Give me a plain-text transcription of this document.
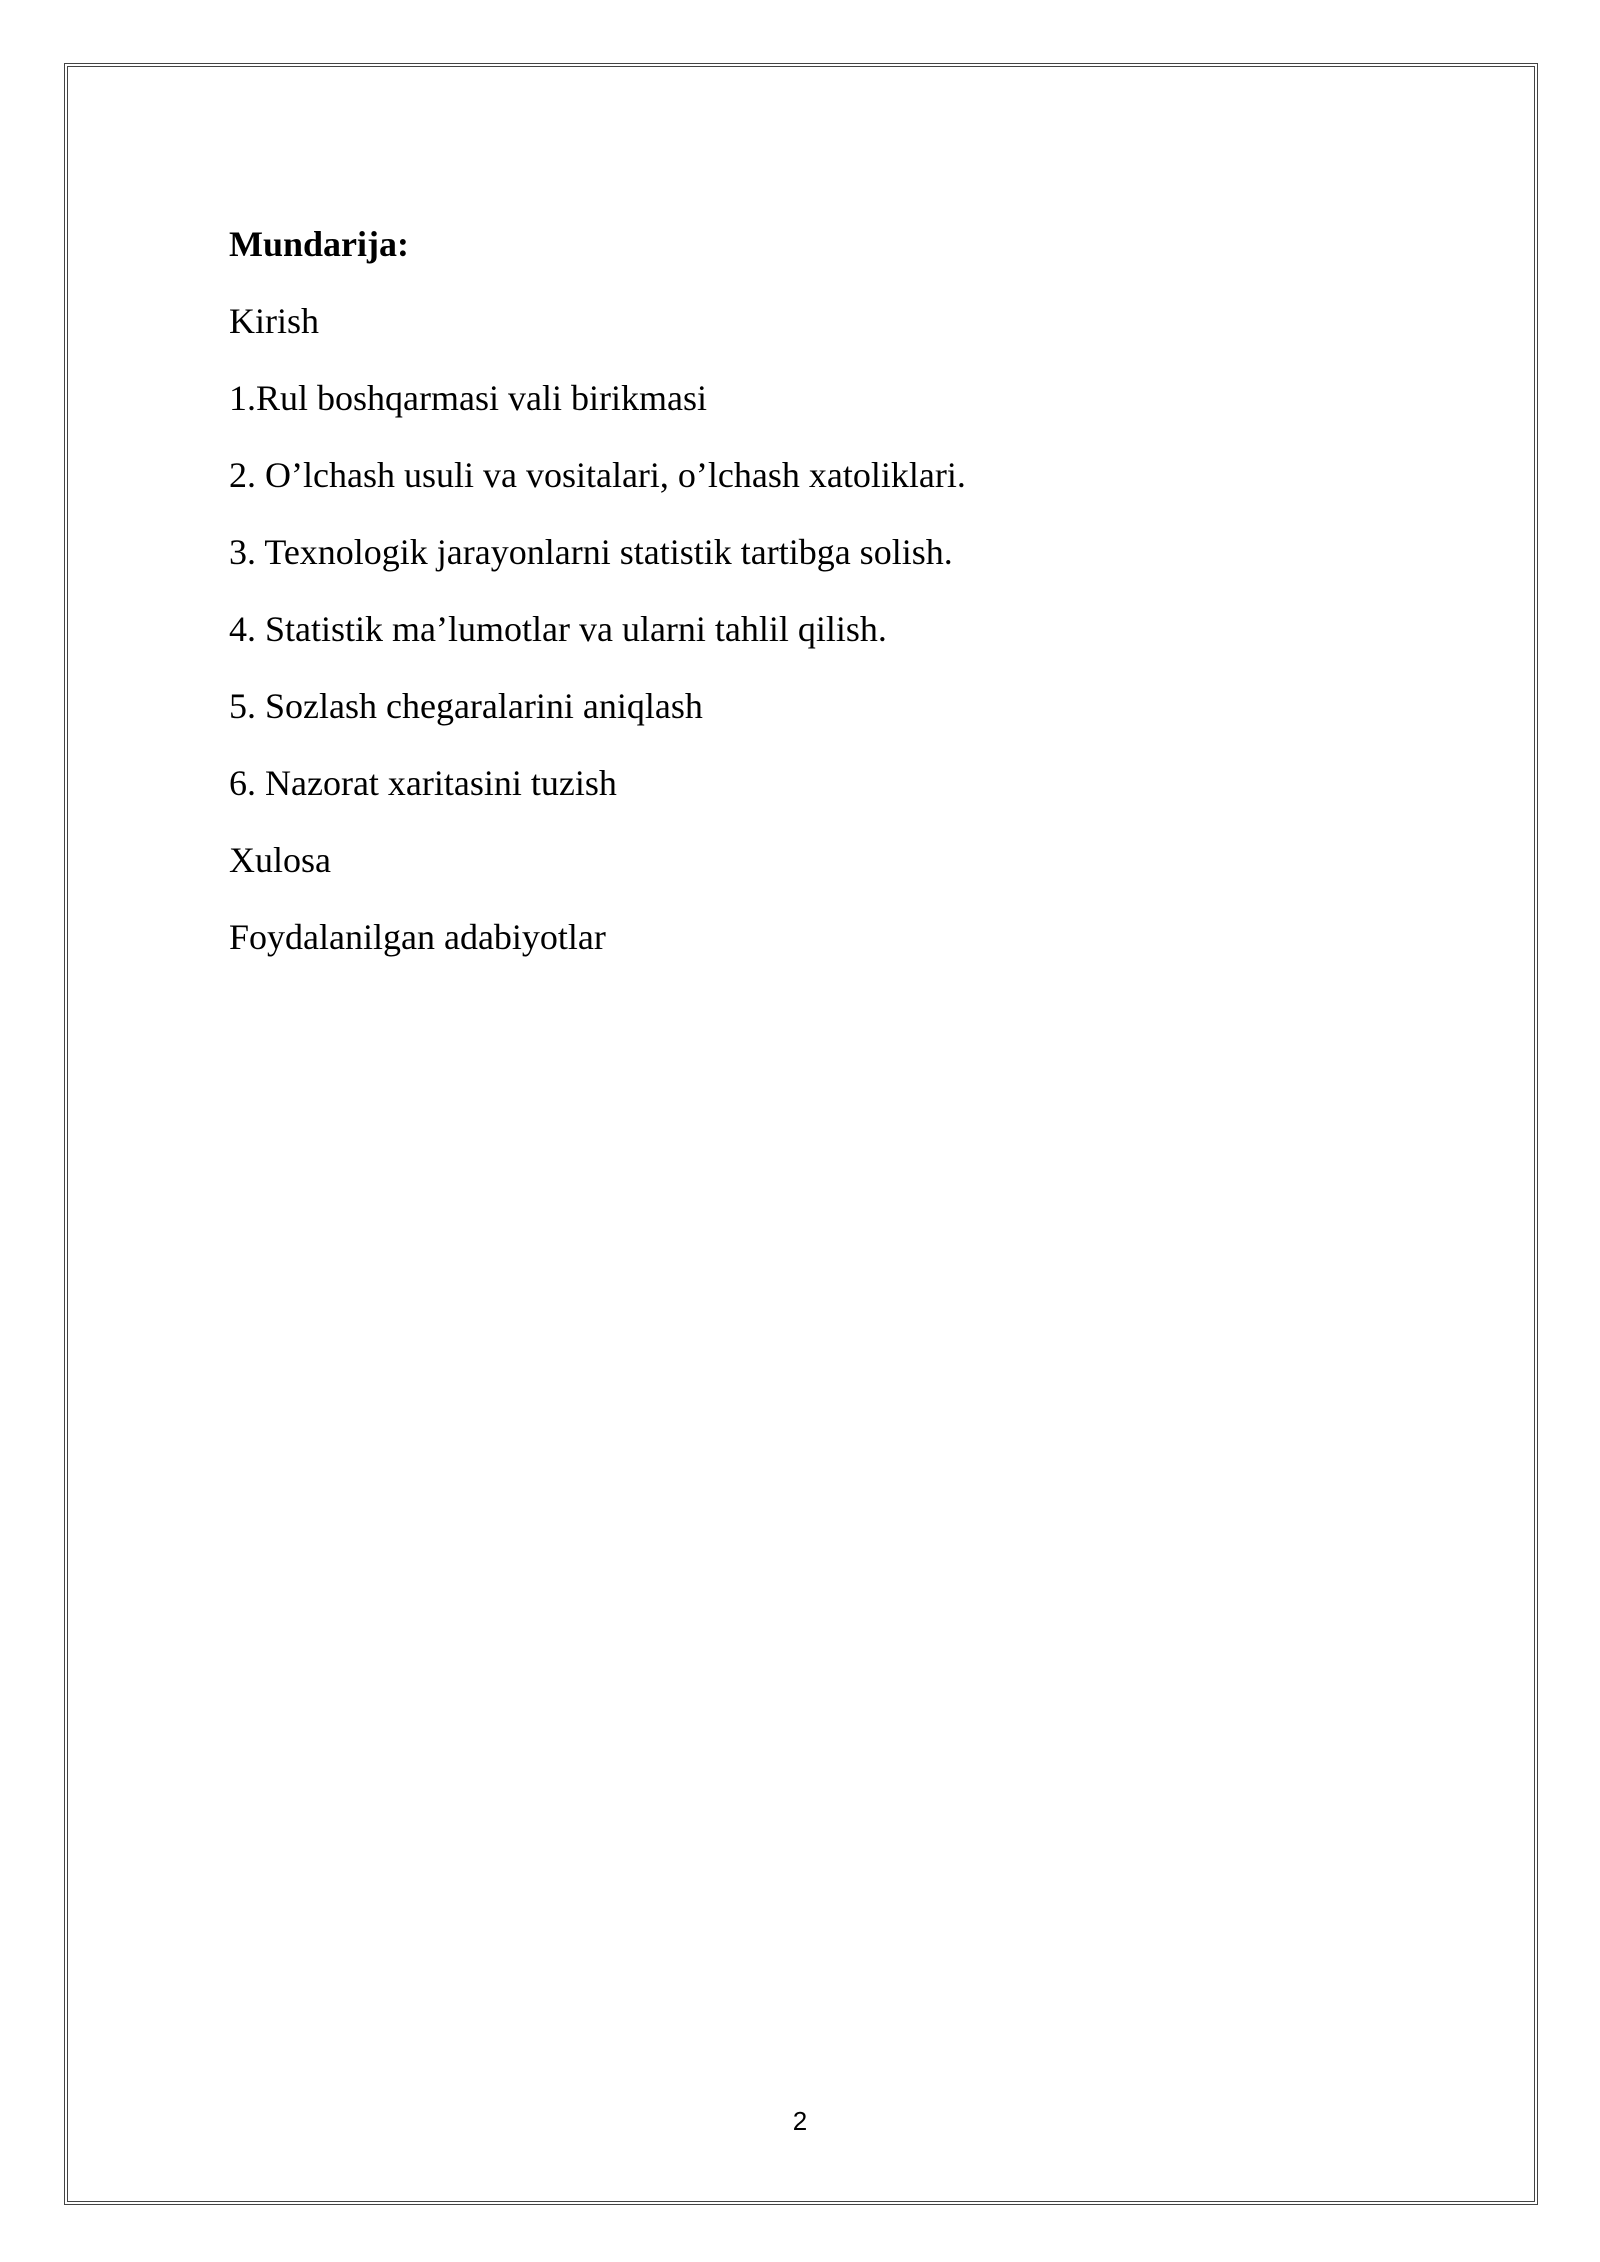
Mundarija:
Kirish
1.Rul boshqarmasi vali birikmasi
2. O’lchash usuli va vositalari, o’lchash xatoliklari.
3. Texnologik jarayonlarni statistik tartibga solish.
4. Statistik ma’lumotlar va ularni tahlil qilish.
5. Sozlash chegaralarini aniqlash
6. Nazorat xaritasini tuzish
Xulosa
Foydalanilgan adabiyotlar
2
